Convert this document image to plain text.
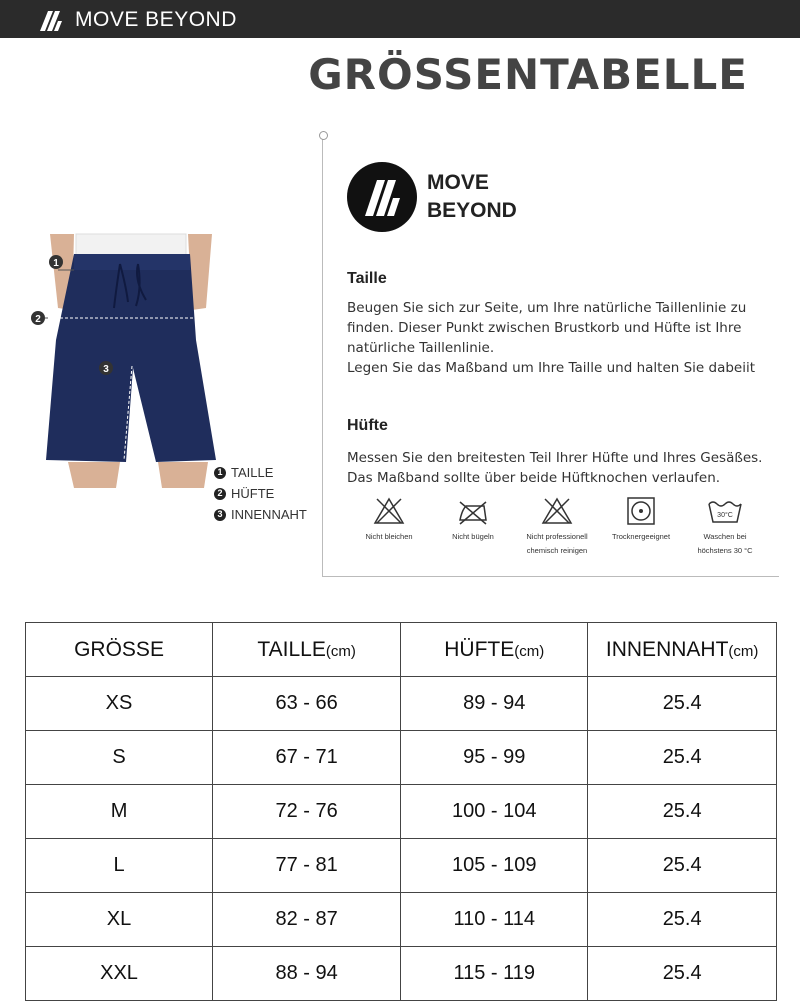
MOVE BEYOND
GRÖSSENTABELLE
1
2
3
1 TAILLE
2 HÜFTE
3 INNENNAHT
MOVE
BEYOND
Taille
Beugen Sie sich zur Seite, um Ihre natürliche Taillenlinie zu
finden. Dieser Punkt zwischen Brustkorb und Hüfte ist Ihre
natürliche Taillenlinie.
Legen Sie das Maßband um Ihre Taille und halten Sie dabeiit
Hüfte
Messen Sie den breitesten Teil Ihrer Hüfte und Ihres Gesäßes.
Das Maßband sollte über beide Hüftknochen verlaufen.
Nicht bleichen	Nicht bügeln	Nicht professionell
chemisch reinigen
Trocknergeeignet
30°C
Waschen bei
höchstens 30 °C
GRÖSSE	TAILLE(cm)	HÜFTE(cm)	INNENNAHT(cm)
XS	63 - 66	89 - 94	25.4
S	67 - 71	95 - 99	25.4
M	72 - 76	100 - 104	25.4
L	77 - 81	105 - 109	25.4
XL	82 - 87	110 - 114	25.4
XXL	88 - 94	115 - 119	25.4
